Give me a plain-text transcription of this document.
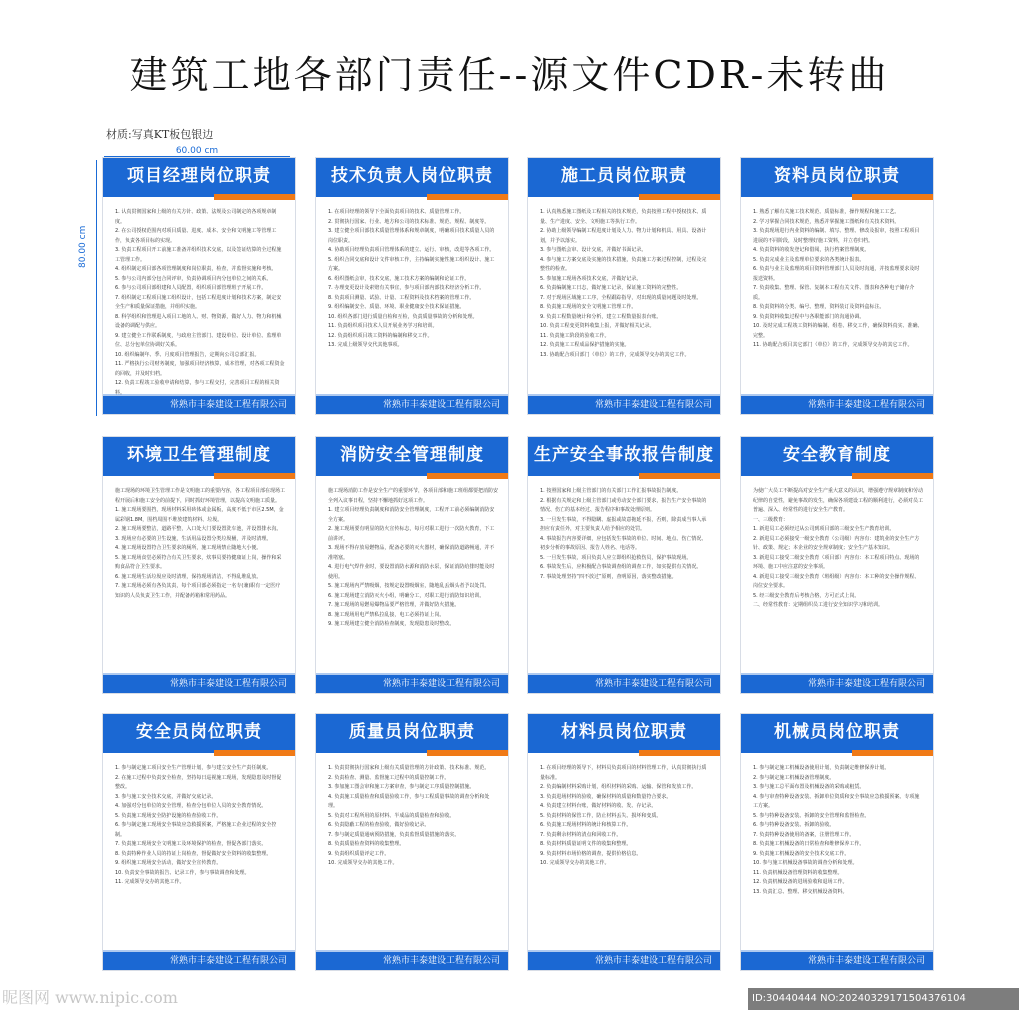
建筑工地各部门责任--源文件CDR-未转曲
材质:写真KT板包银边
60.00 cm
80.00 cm
项目经理岗位职责

1. 认真贯彻国家和上级的有关方针、政策、法规及公司制定的各项规章制度。

2. 在公司授权范围内对项目质量、进度、成本、安全和文明施工等管理工作，负责各项目标的实现。

3. 负责工程项目开工前施工准备并组织技术交底，以及签证结算的全过程施工管理工作。

4. 组织制定项目部各项管理制度和岗位职责，检查，并监督实施和考核。

5. 参与公司内部分包合同评审，负责协调项目内分包单位之间的关系。

6. 参与公司项目部组建和人员配置，组织项目部管理班子开展工作。

7. 组织制定工程项目施工组织设计，包括工程进度计划和技术方案，制定安全生产和质量保证措施，并组织实施。

8. 科学组织和管理进入项目工地的人、财、物资源，做好人力、物力和机械设备的调配与供应。

9. 建立健全工作联系制度，与政府主管部门、建设单位、设计单位、监理单位、总分包单位协调好关系。

10. 组织编制年、季、月度项目管理报告，定期向公司总部汇报。

11. 严格执行公司财务制度，加强项目经济核算，成本管理，对各项工程资金的回收，并及时归档。

12. 负责工程竣工验收申请和结算，参与工程交付，完善项目工程的相关资料。

常熟市丰泰建设工程有限公司
技术负责人岗位职责

1. 在项目经理的领导下全面负责项目的技术、质量管理工作。

2. 贯彻执行国家、行业、地方和公司的技术标准、规范、规程、制度等。

3. 建立健全项目部技术质量管理体系和规章制度，明确项目技术质量人员的岗位职责。

4. 协助项目经理负责项目管理体系的建立、运行、审核，改进等各项工作。

5. 组织合同交底和设计文件审核工作，主持编制实施性施工组织设计、施工方案。

6. 组织图纸会审，技术交底，施工技术方案的编制和论证工作。

7. 办理变更设计及索赔有关事宜，参与项目部内部技术经济分析工作。

8. 负责项目测量、试验、计量、工程资料及技术档案的管理工作。

9. 组织编制安全、质量、环境、职业健康安全技术保证措施。

10. 组织各部门进行质量自检和互检，负责质量事故的分析和处理。

11. 负责组织项目技术人员开展业务学习和培训。

12. 负责组织项目竣工资料的编制和移交工作。

13. 完成上级领导交代其他事项。

常熟市丰泰建设工程有限公司
施工员岗位职责

1. 认真熟悉施工图纸及工程相关的技术规范，负责按照工程中授权技术、质量、生产进度、安全、文明施工等执行工作。

2. 协助上级领导编制工程进度计划及人力、物力计划和机具、用具、设备计划，并予以落实。

3. 参与图纸会审、设计交底，并做好书面记录。

4. 参与施工方案交底及实施的技术措施，负责施工方案过程控制，过程及完整性的检查。

5. 参加施工现场各项技术交底，并做好记录。

6. 负责编制施工日志，做好施工记录，保证施工资料的完整性。

7. 对于现场区域施工工序，全程跟踪指导，对出现的质量问题及时处理。

8. 负责施工现场的安全文明施工管理工作。

9. 负责工程数量统计和分析，建立工程数量报表台账。

10. 负责工程变更资料收集上报，并做好相关记录。

11. 负责施工阶段的验收工作。

12. 负责施工工程成品保护措施的实施。

13. 协助配合项目部门（单位）的工作，完成领导交办的其它工作。

常熟市丰泰建设工程有限公司
资料员岗位职责

1. 熟悉了解有关施工技术规范、质量标准，操作规程和施工工艺。

2. 学习掌握合同技术规范，熟悉并掌握施工图纸和有关技术资料。

3. 负责现场进行内业资料的编制、填写、整理、修改及报审，按照工程项目进展的不同阶段，及时整理好施工资料，并立卷归档。

4. 负责资料的收发登记和借阅，执行档案管理制度。

5. 负责完成业主及监理单位要求的各类统计报表。

6. 负责与业主及监理的项目资料管理部门人员及时沟通，并按监理要求及时报送资料。

7. 负责收集、整理、保管、复制本工程有关文件、图表和各种电子储存介质。

8. 负责资料的分类、编号、整理，资料装订及资料盒标注。

9. 负责资料收集过程中与各职能部门的沟通协调。

10. 及时完成工程竣工资料的编制、组卷、移交工作，确保资料真实、准确、完整。

11. 协助配合项目其它部门（单位）的工作，完成领导交办的其它工作。

常熟市丰泰建设工程有限公司
环境卫生管理制度

施工现场的环境卫生管理工作是文明施工的重要内容，各工程项目部在现场工程开展后和施工安全的前提下，同时抓好环境管理，以提高文明施工质量。

1. 施工现场要围挡，现场材料采用砖体或金属板，高度不低于市区2.5M，金属彩钢1.8M，围档周围不堆放建筑材料、垃圾。

2. 施工现场要整洁，道路平整，入口处大门要设置洗车池，并设置排水沟。

3. 现场应有必要的卫生设施，生活用品设置分类垃圾桶，并及时清理。

4. 施工现场设置符合卫生要求的厕所，施工现场禁止随地大小便。

5. 施工现场食堂必须符合有关卫生要求，炊事员要持健康证上岗，操作和采购食品符合卫生要求。

6. 施工现场生活垃圾应及时清理，保持现场清洁，不得乱堆乱放。

7. 施工现场必须有各负其责，每个项目部必须指定一名专(兼)职有一定医疗知识的人员负责卫生工作，并配备药箱和常用药品。

常熟市丰泰建设工程有限公司
消防安全管理制度

施工现场消防工作是安全生产的重要环节，各项目部和施工班组都要把消防安全列入议事日程，坚持不懈地抓好这项工作。

1. 建立项目经理负责制度和消防安全管理制度，工程开工前必须编制消防安全方案。

2. 施工现场要有明显的防火宣传标志，每月对职工进行一次防火教育，下工前讲评。

3. 现场不得存放易燃物品，配备必要的灭火器材，确保消防道路畅通，并不准堵塞。

4. 进行电气焊作业时，要设置消防水源和消防水泵，保证消防给排时能及时使用。

5. 施工现场内严禁吸烟，按规定设置吸烟室，随地乱丢烟头者予以处罚。

6. 施工现场建立消防灭火小组，明确分工，对职工进行消防知识培训。

7. 施工现场的易燃易爆物品要严格管理，并做好防火措施。

8. 施工现场用电严禁私拉乱接，电工必须持证上岗。

9. 施工现场建立健全消防检查制度，发现隐患及时整改。

常熟市丰泰建设工程有限公司
生产安全事故报告制度

1. 按照国家和上级主管部门的有关部门工作汇报事故报告制度。

2. 根据有关规定和上级主管部门或劳动安全部门要求，报告生产安全事故的情况、伤亡的基本经过、报告程序和事故处理原则。

3. 一旦发生事故，不得隐瞒、虚报或故意拖延不报，否则，除责成当事人承担应有责任外，对主要负责人给予相应的处罚。

4. 事故报告内容要详细，应包括发生事故的单位、时间、地点、伤亡情况、初步分析的事故原因、报告人姓名、电话等。

5. 一旦发生事故，项目负责人应立即组织抢救伤员，保护事故现场。

6. 事故发生后，应积极配合事故调查组的调查工作，如实提供有关情况。

7. 事故处理坚持“四不放过”原则，查明原因，落实整改措施。

常熟市丰泰建设工程有限公司
安全教育制度

为使广大员工不断提高对安全生产重大意义的认识，增强遵守规章制度和劳动纪律的自觉性，避免事故的发生，确保各项建设工程的顺利进行，必须对员工普遍、深入、经常性的进行安全生产教育。

一、三级教育：

1. 新进员工必须经过从公司到项目部的三级安全生产教育培训。

2. 新进员工必须接受一级安全教育（公司级）内容有：建筑业的安全生产方针、政策、规定；本企业的安全规章制度；安全生产基本知识。

3. 新进员工接受二级安全教育（项目部）内容有：本工程项目特点、现场的环境、施工中应注意的安全事项。

4. 新进员工接受三级安全教育（班组级）内容有：本工种的安全操作规程、岗位安全要求。

5. 经三级安全教育后考核合格，方可正式上岗。

二、经常性教育：定期组织员工进行安全知识学习和培训。

常熟市丰泰建设工程有限公司
安全员岗位职责

1. 参与制定施工项目安全生产管理计划，参与建立安全生产责任制度。

2. 在施工过程中负责安全检查，坚持每日巡视施工现场，发现隐患及时督促整改。

3. 参与施工安全技术交底，并做好交底记录。

4. 加强对分包单位的安全管理，检查分包单位人员的安全教育情况。

5. 负责施工现场安全防护设施的检查验收工作。

6. 参与制定施工现场安全事故应急救援预案，严格施工企业过程的安全控制。

7. 负责施工现场安全文明施工及环境保护的检查，督促各部门落实。

8. 负责特种作业人员的持证上岗检查，督促做好安全资料的收集整理。

9. 组织施工现场安全活动，做好安全宣传教育。

10. 负责安全事故的报告、记录工作，参与事故调查和处理。

11. 完成领导交办的其他工作。

常熟市丰泰建设工程有限公司
质量员岗位职责

1. 负责贯彻执行国家和上级有关质量管理的方针政策、技术标准、规范。

2. 负责检查、测量、监督施工过程中的质量控制工作。

3. 参加施工图会审和施工方案审查，参与制定工序质量控制措施。

4. 负责施工质量检查和质量验收工作，参与工程质量事故的调查分析和处理。

5. 负责对工程所用的原材料、半成品的质量检查和验收。

6. 负责隐蔽工程的检查验收，做好验收记录。

7. 参与制定质量通病预防措施，负责监督质量措施的落实。

8. 负责质量检查资料的收集整理。

9. 负责组织质量评定工作。

10. 完成领导交办的其他工作。

常熟市丰泰建设工程有限公司
材料员岗位职责

1. 在项目经理的领导下，材料员负责项目的材料管理工作，认真贯彻执行质量标准。

2. 负责编制材料采购计划，组织材料的采购、运输、保管和发放工作。

3. 负责进场材料的验收，确保材料的质量和数量符合要求。

4. 负责建立材料台账，做好材料的收、发、存记录。

5. 负责材料的保管工作，防止材料丢失、损坏和变质。

6. 负责施工现场材料的统计和核算工作。

7. 负责剩余材料的清点和回收工作。

8. 负责材料质量证明文件的收集和整理。

9. 负责材料市场价格的调查，提供价格信息。

10. 完成领导交办的其他工作。

常熟市丰泰建设工程有限公司
机械员岗位职责

1. 参与制定施工机械设备使用计划，负责制定维修保养计划。

2. 参与制定施工机械设备管理制度。

3. 参与施工总平面布置及机械设备的采购或租赁。

4. 参与审查特种设备安装、拆卸单位资质和安全事故应急救援预案、专项施工方案。

5. 参与特种设备安装、拆卸的安全管理和监督检查。

6. 参与特种设备安装、拆卸的验收。

7. 负责特种设备使用的备案，注册管理工作。

8. 负责施工机械设备的日常检查和维修保养工作。

9. 负责施工机械设备的安全技术交底工作。

10. 参与施工机械设备事故的调查分析和处理。

11. 负责机械设备管理资料的收集整理。

12. 负责机械设备的进场验收和退场工作。

13. 负责汇总、整理、移交机械设备资料。

常熟市丰泰建设工程有限公司
昵图网 www.nipic.com	ID:30440444 NO:20240329171504376104
